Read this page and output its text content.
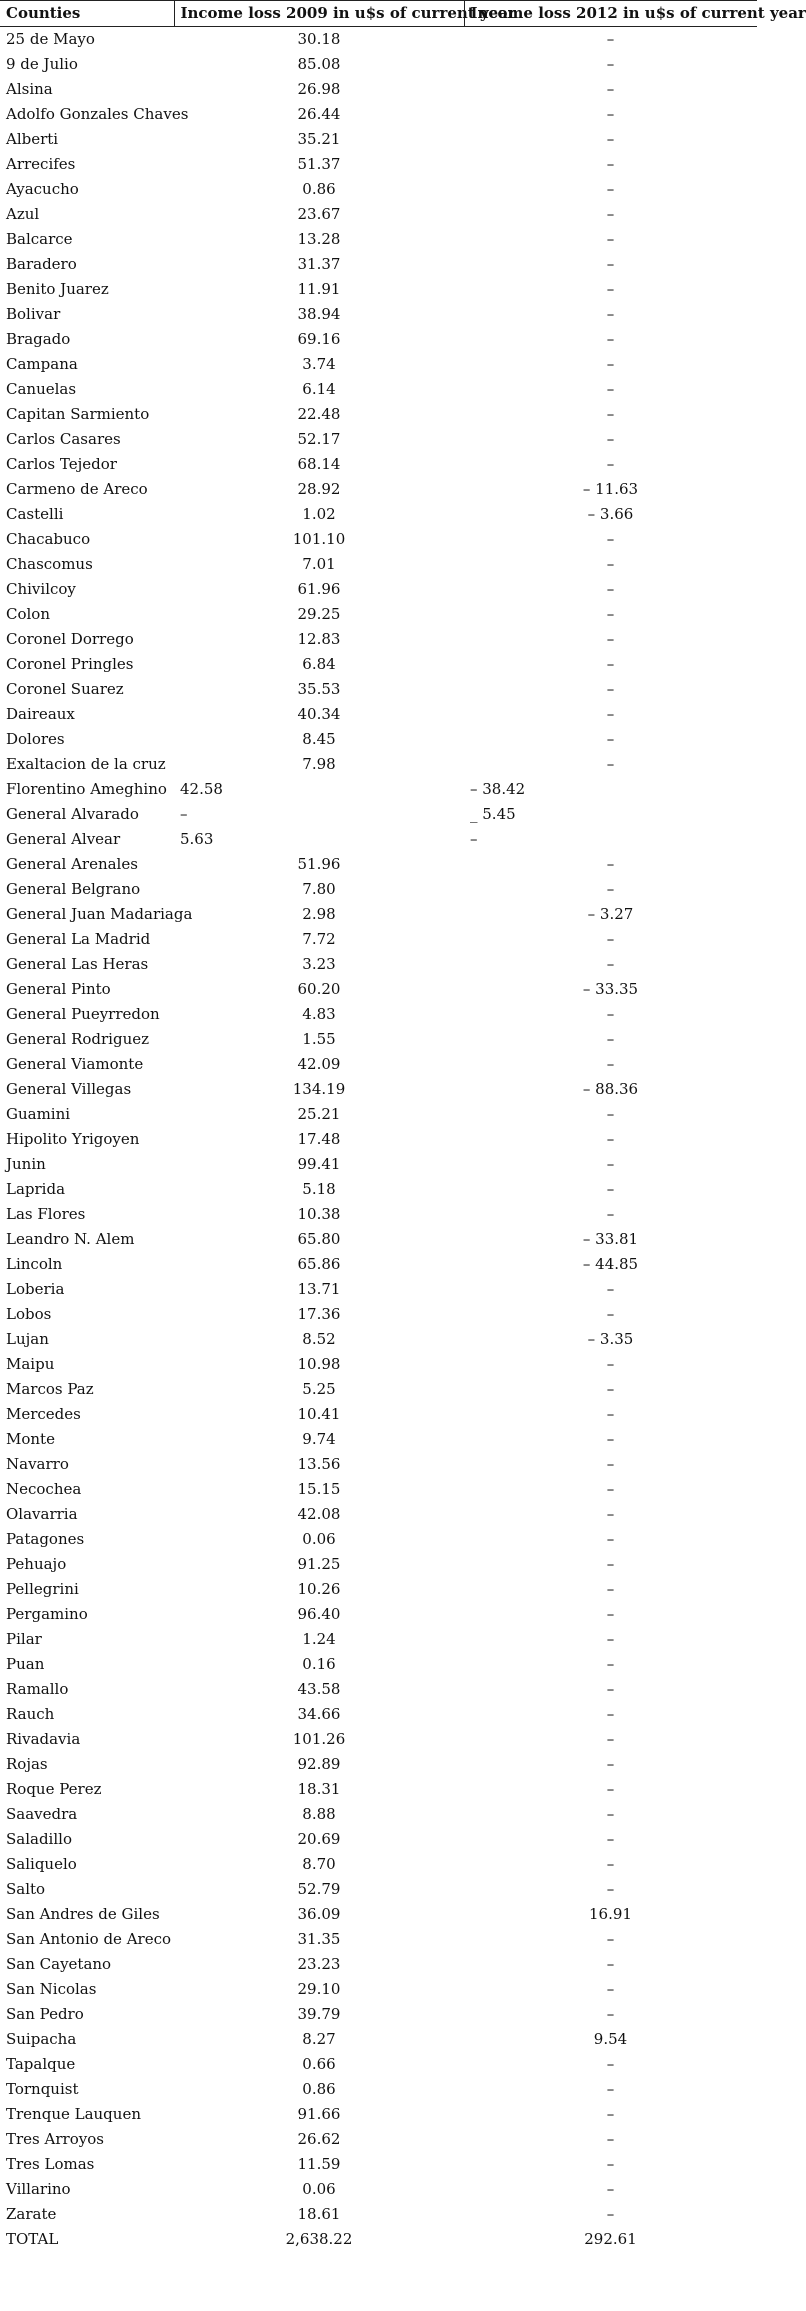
Counties	Income loss 2009 in u$s of current year	Income loss 2012 in u$s of current year
25 de Mayo	30.18	–
9 de Julio	85.08	–
Alsina	26.98	–
Adolfo Gonzales Chaves	26.44	–
Alberti	35.21	–
Arrecifes	51.37	–
Ayacucho	0.86	–
Azul	23.67	–
Balcarce	13.28	–
Baradero	31.37	–
Benito Juarez	11.91	–
Bolivar	38.94	–
Bragado	69.16	–
Campana	3.74	–
Canuelas	6.14	–
Capitan Sarmiento	22.48	–
Carlos Casares	52.17	–
Carlos Tejedor	68.14	–
Carmeno de Areco	28.92	– 11.63
Castelli	1.02	– 3.66
Chacabuco	101.10	–
Chascomus	7.01	–
Chivilcoy	61.96	–
Colon	29.25	–
Coronel Dorrego	12.83	–
Coronel Pringles	6.84	–
Coronel Suarez	35.53	–
Daireaux	40.34	–
Dolores	8.45	–
Exaltacion de la cruz	7.98	–
Florentino Ameghino	42.58	– 38.42
General Alvarado	–	_ 5.45
General Alvear	5.63	–
General Arenales	51.96	–
General Belgrano	7.80	–
General Juan Madariaga	2.98	– 3.27
General La Madrid	7.72	–
General Las Heras	3.23	–
General Pinto	60.20	– 33.35
General Pueyrredon	4.83	–
General Rodriguez	1.55	–
General Viamonte	42.09	–
General Villegas	134.19	– 88.36
Guamini	25.21	–
Hipolito Yrigoyen	17.48	–
Junin	99.41	–
Laprida	5.18	–
Las Flores	10.38	–
Leandro N. Alem	65.80	– 33.81
Lincoln	65.86	– 44.85
Loberia	13.71	–
Lobos	17.36	–
Lujan	8.52	– 3.35
Maipu	10.98	–
Marcos Paz	5.25	–
Mercedes	10.41	–
Monte	9.74	–
Navarro	13.56	–
Necochea	15.15	–
Olavarria	42.08	–
Patagones	0.06	–
Pehuajo	91.25	–
Pellegrini	10.26	–
Pergamino	96.40	–
Pilar	1.24	–
Puan	0.16	–
Ramallo	43.58	–
Rauch	34.66	–
Rivadavia	101.26	–
Rojas	92.89	–
Roque Perez	18.31	–
Saavedra	8.88	–
Saladillo	20.69	–
Saliquelo	8.70	–
Salto	52.79	–
San Andres de Giles	36.09	16.91
San Antonio de Areco	31.35	–
San Cayetano	23.23	–
San Nicolas	29.10	–
San Pedro	39.79	–
Suipacha	8.27	9.54
Tapalque	0.66	–
Tornquist	0.86	–
Trenque Lauquen	91.66	–
Tres Arroyos	26.62	–
Tres Lomas	11.59	–
Villarino	0.06	–
Zarate	18.61	–
TOTAL	2,638.22	292.61
